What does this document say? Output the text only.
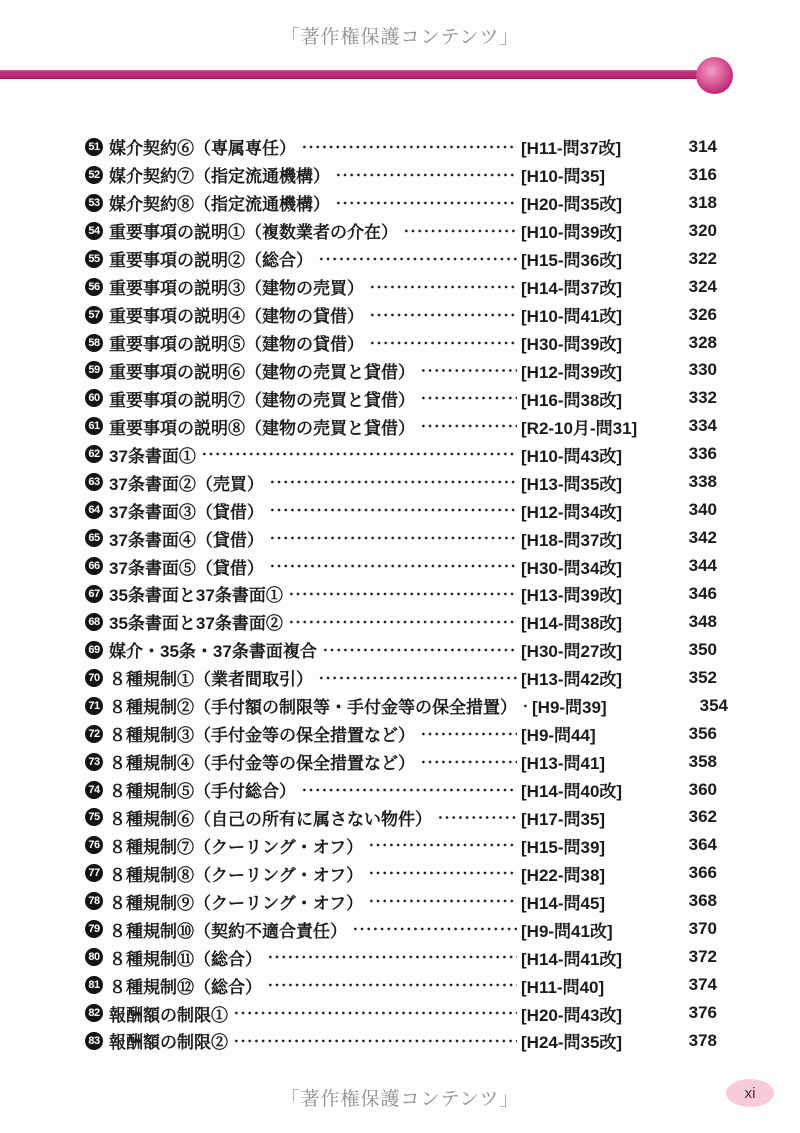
「著作権保護コンテンツ」
51 媒介契約⑥（専属専任）	[H11-問37改]	314
52 媒介契約⑦（指定流通機構）	[H10-問35]	316
53 媒介契約⑧（指定流通機構）	[H20-問35改]	318
54 重要事項の説明①（複数業者の介在）	[H10-問39改]	320
55 重要事項の説明②（総合）	[H15-問36改]	322
56 重要事項の説明③（建物の売買）	[H14-問37改]	324
57 重要事項の説明④（建物の貸借）	[H10-問41改]	326
58 重要事項の説明⑤（建物の貸借）	[H30-問39改]	328
59 重要事項の説明⑥（建物の売買と貸借）	[H12-問39改]	330
60 重要事項の説明⑦（建物の売買と貸借）	[H16-問38改]	332
61 重要事項の説明⑧（建物の売買と貸借）	[R2-10月-問31]	334
62 37条書面①	[H10-問43改]	336
63 37条書面②（売買）	[H13-問35改]	338
64 37条書面③（貸借）	[H12-問34改]	340
65 37条書面④（貸借）	[H18-問37改]	342
66 37条書面⑤（貸借）	[H30-問34改]	344
67 35条書面と37条書面①	[H13-問39改]	346
68 35条書面と37条書面②	[H14-問38改]	348
69 媒介・35条・37条書面複合	[H30-問27改]	350
70 ８種規制①（業者間取引）	[H13-問42改]	352
71 ８種規制②（手付額の制限等・手付金等の保全措置） [H9-問39]	354
72 ８種規制③（手付金等の保全措置など）	[H9-問44]	356
73 ８種規制④（手付金等の保全措置など）	[H13-問41]	358
74 ８種規制⑤（手付総合）	[H14-問40改]	360
75 ８種規制⑥（自己の所有に属さない物件）	[H17-問35]	362
76 ８種規制⑦（クーリング・オフ）	[H15-問39]	364
77 ８種規制⑧（クーリング・オフ）	[H22-問38]	366
78 ８種規制⑨（クーリング・オフ）	[H14-問45]	368
79 ８種規制⑩（契約不適合責任）	[H9-問41改]	370
80 ８種規制⑪（総合）	[H14-問41改]	372
81 ８種規制⑫（総合）	[H11-問40]	374
82 報酬額の制限①	[H20-問43改]	376
83 報酬額の制限②	[H24-問35改]	378
「著作権保護コンテンツ」	xi
